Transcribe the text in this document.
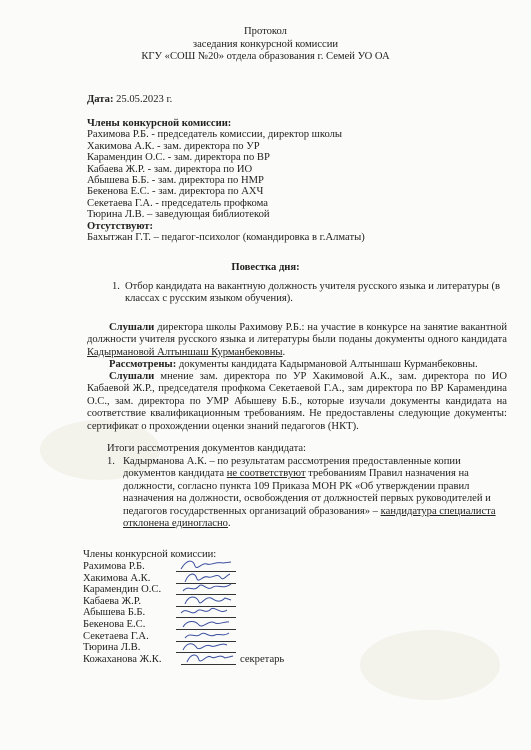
Протокол
заседания конкурсной комиссии
КГУ «СОШ №20» отдела образования г. Семей УО ОА
Дата: 25.05.2023 г.
Члены конкурсной комиссии:
Рахимова Р.Б. - председатель комиссии, директор школы
Хакимова А.К. - зам. директора по УР
Карамендин О.С. - зам. директора по ВР
Кабаева Ж.Р. - зам. директора по ИО
Абышева Б.Б. - зам. директора по НМР
Бекенова Е.С. - зам. директора по АХЧ
Секетаева Г.А. - председатель профкома
Тюрина Л.В. – заведующая библиотекой
Отсутствуют:
Бахытжан Г.Т. – педагог-психолог (командировка в г.Алматы)
Повестка дня:
1. Отбор кандидата на вакантную должность учителя русского языка и литературы (в классах с русским языком обучения).
Слушали директора школы Рахимову Р.Б.: на участие в конкурсе на занятие вакантной должности учителя русского языка и литературы были поданы документы одного кандидата Кадырмановой Алтыншаш Курманбековны.
Рассмотрены: документы кандидата Кадырмановой Алтыншаш Курманбековны.
Слушали мнение зам. директора по УР Хакимовой А.К., зам. директора по ИО Кабаевой Ж.Р., председателя профкома Секетаевой Г.А., зам директора по ВР Карамендина О.С., зам. директора по УМР Абышеву Б.Б., которые изучали документы кандидата на соответствие квалификационным требованиям. Не предоставлены следующие документы: сертификат о прохождении оценки знаний педагогов (НКТ).
Итоги рассмотрения документов кандидата:
1. Кадырманова А.К. – по результатам рассмотрения предоставленные копии документов кандидата не соответствуют требованиям Правил назначения на должности, согласно пункта 109 Приказа МОН РК «Об утверждении правил назначения на должности, освобождения от должностей первых руководителей и педагогов государственных организаций образования» – кандидатура специалиста отклонена единогласно.
Члены конкурсной комиссии:
Рахимова Р.Б.
Хакимова А.К.
Карамендин О.С.
Кабаева Ж.Р.
Абышева Б.Б.
Бекенова Е.С.
Секетаева Г.А.
Тюрина Л.В.
Кожаханова Ж.К.	секретарь
